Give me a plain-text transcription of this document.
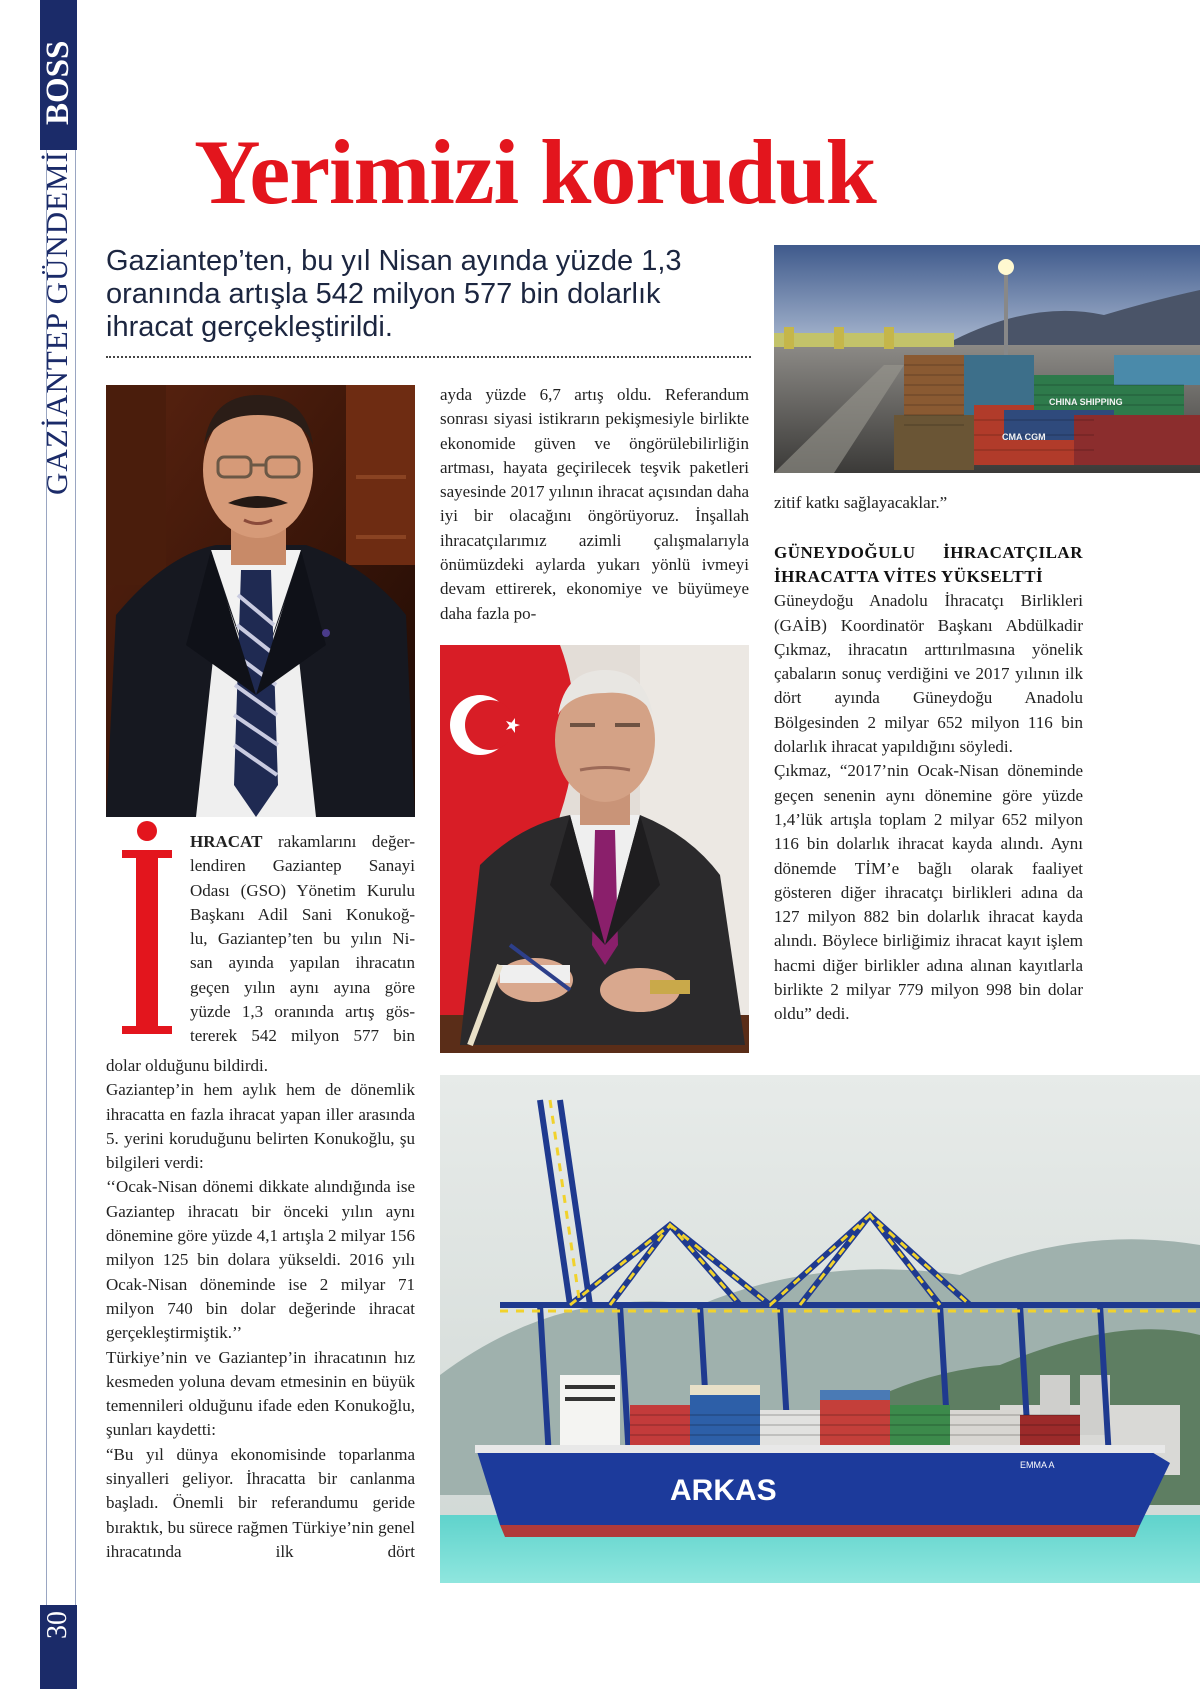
BOSS
GAZİANTEP GÜNDEMİ
30
Yerimizi koruduk
Gaziantep’ten, bu yıl Nisan ayında yüzde 1,3 oranında artışla 542 milyon 577 bin dolarlık ihracat gerçekleştirildi.

HRACAT rakamlarını değer-

lendiren Gaziantep Sanayi

Odası (GSO) Yönetim Kurulu

Başkanı Adil Sani Konukoğ-

lu, Gaziantep’ten bu yılın Ni-

san ayında yapılan ihracatın

geçen yılın aynı ayına göre

yüzde 1,3 oranında artış gös-

tererek 542 milyon 577 bin

dolar olduğunu bildirdi.

Gaziantep’in hem aylık hem de dönemlik ihracatta en fazla ihracat yapan iller arasında 5. yerini koruduğunu belirten Konukoğlu, şu bilgileri verdi:

‘‘Ocak-Nisan dönemi dikkate alındığında ise Gaziantep ihracatı bir önceki yılın aynı dönemine göre yüzde 4,1 artışla 2 milyar 156 milyon 125 bin dolara yükseldi. 2016 yılı Ocak-Nisan döneminde ise 2 milyar 71 milyon 740 bin dolar değerinde ihracat gerçekleştirmiştik.’’

Türkiye’nin ve Gaziantep’in ihracatının hız kesmeden yoluna devam etmesinin en büyük temennileri olduğunu ifade eden Konukoğlu, şunları kaydetti:

“Bu yıl dünya ekonomisinde toparlanma sinyalleri geliyor. İhracatta bir canlanma başladı. Önemli bir referandumu geride bıraktık, bu sürece rağmen Türkiye’nin genel ihracatında ilk dört

ayda yüzde 6,7 artış oldu. Referandum sonrası siyasi istikrarın pekişmesiyle birlikte ekonomide güven ve öngörülebilirliğin artması, hayata geçirilecek teşvik paketleri sayesinde 2017 yılının ihracat açısından daha iyi bir olacağını öngörüyoruz. İnşallah ihracatçılarımız azimli çalışmalarıyla önümüzdeki aylarda yukarı yönlü ivmeyi devam ettirerek, ekonomiye ve büyümeye daha fazla po-

CHINA SHIPPING
CMA CGM

zitif katkı sağlayacaklar.”

GÜNEYDOĞULU İHRACATÇILAR
İHRACATTA VİTES YÜKSELTTİ

Güneydoğu Anadolu İhracatçı Birlikleri (GAİB) Koordinatör Başkanı Abdülkadir Çıkmaz, ihracatın arttırılmasına yönelik çabaların sonuç verdiğini ve 2017 yılının ilk dört ayında Güneydoğu Anadolu Bölgesinden 2 milyar 652 milyon 116 bin dolarlık ihracat yapıldığını söyledi.

Çıkmaz, “2017’nin Ocak-Nisan döneminde geçen senenin aynı dönemine göre yüzde 1,4’lük artışla toplam 2 milyar 652 milyon 116 bin dolarlık ihracat kayda alındı. Aynı dönemde TİM’e bağlı olarak faaliyet gösteren diğer ihracatçı birlikleri adına da 127 milyon 882 bin dolarlık ihracat kayda alındı. Böylece birliğimiz ihracat kayıt işlem hacmi diğer birlikler adına alınan kayıtlarla birlikte 2 milyar 779 milyon 998 bin dolar oldu” dedi.

ARKAS
EMMA A
